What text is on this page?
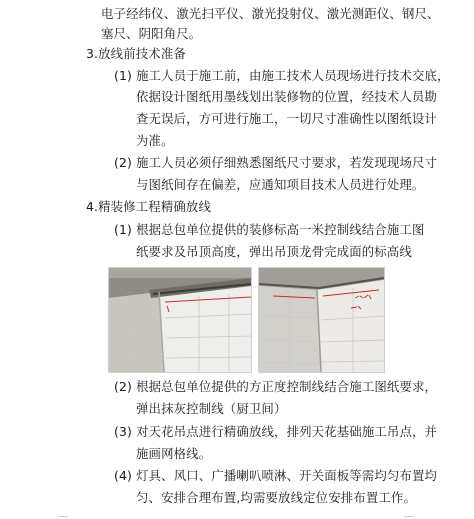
电子经纬仪、激光扫平仪、激光投射仪、激光测距仪、钢尺、
塞尺、阴阳角尺。
3.放线前技术准备
(1) 施工人员于施工前，由施工技术人员现场进行技术交底，
依据设计图纸用墨线划出装修物的位置，经技术人员勘
查无误后，方可进行施工，一切尺寸准确性以图纸设计
为准。
(2) 施工人员必须仔细熟悉图纸尺寸要求，若发现现场尺寸
与图纸间存在偏差，应通知项目技术人员进行处理。
4.精装修工程精确放线
(1) 根据总包单位提供的装修标高一米控制线结合施工图
纸要求及吊顶高度，弹出吊顶龙骨完成面的标高线
(2) 根据总包单位提供的方正度控制线结合施工图纸要求，
弹出抹灰控制线（厨卫间）
(3) 对天花吊点进行精确放线，排列天花基础施工吊点，并
施画网格线。
(4) 灯具、风口、广播喇叭喷淋、开关面板等需均匀布置均
匀、安排合理布置,均需要放线定位安排布置工作。
